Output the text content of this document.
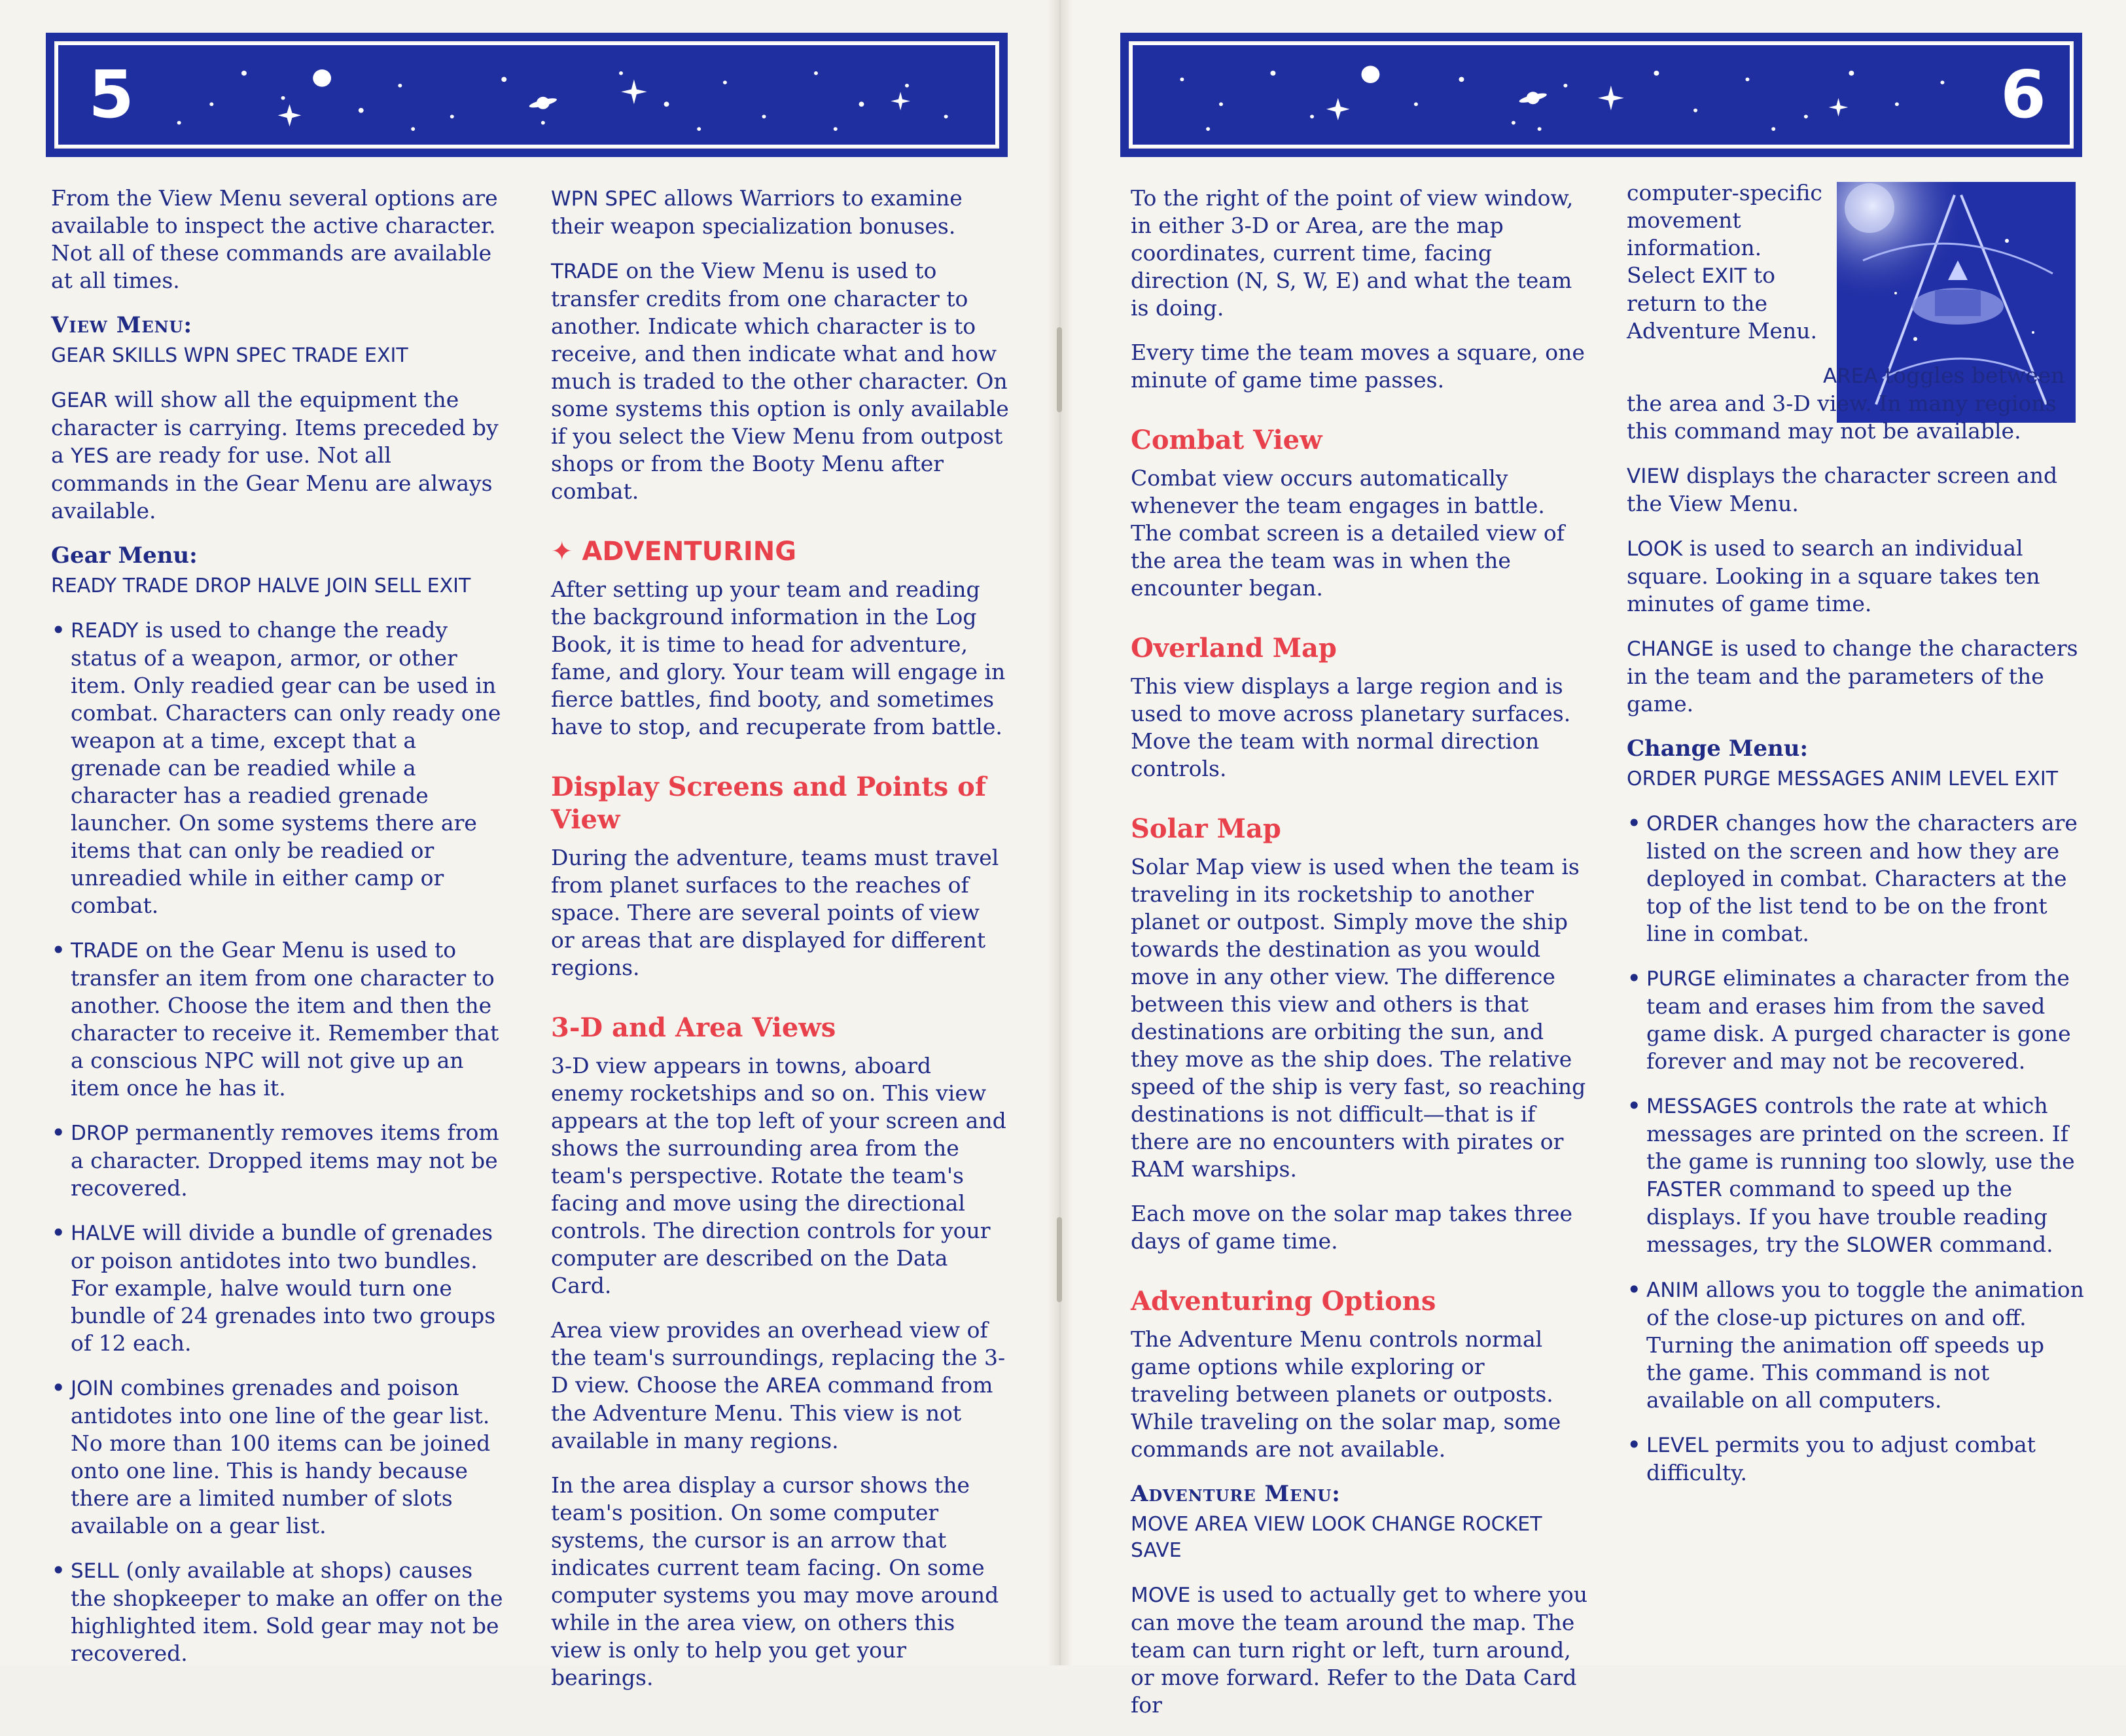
5	6

From the View Menu several options are available to inspect the active character. Not all of these commands are available at all times.

View Menu:
GEAR SKILLS WPN SPEC TRADE EXIT

GEAR will show all the equipment the character is carrying. Items preceded by a YES are ready for use. Not all commands in the Gear Menu are always available.

Gear Menu:
READY TRADE DROP HALVE JOIN SELL EXIT
• READY is used to change the ready status of a weapon, armor, or other item. Only readied gear can be used in combat. Characters can only ready one weapon at a time, except that a grenade can be readied while a character has a readied grenade launcher. On some systems there are items that can only be readied or unreadied while in either camp or combat.
• TRADE on the Gear Menu is used to transfer an item from one character to another. Choose the item and then the character to receive it. Remember that a conscious NPC will not give up an item once he has it.
• DROP permanently removes items from a character. Dropped items may not be recovered.
• HALVE will divide a bundle of grenades or poison antidotes into two bundles. For example, halve would turn one bundle of 24 grenades into two groups of 12 each.
• JOIN combines grenades and poison antidotes into one line of the gear list. No more than 100 items can be joined onto one line. This is handy because there are a limited number of slots available on a gear list.
• SELL (only available at shops) causes the shopkeeper to make an offer on the highlighted item. Sold gear may not be recovered.

WPN SPEC allows Warriors to examine their weapon specialization bonuses.

TRADE on the View Menu is used to transfer credits from one character to another. Indicate which character is to receive, and then indicate what and how much is traded to the other character. On some systems this option is only available if you select the View Menu from outpost shops or from the Booty Menu after combat.

✦ ADVENTURING

After setting up your team and reading the background information in the Log Book, it is time to head for adventure, fame, and glory. Your team will engage in fierce battles, find booty, and sometimes have to stop, and recuperate from battle.

Display Screens and Points of View

During the adventure, teams must travel from planet surfaces to the reaches of space. There are several points of view or areas that are displayed for different regions.

3-D and Area Views

3-D view appears in towns, aboard enemy rocketships and so on. This view appears at the top left of your screen and shows the surrounding area from the team's perspective. Rotate the team's facing and move using the directional controls. The direction controls for your computer are described on the Data Card.

Area view provides an overhead view of the team's surroundings, replacing the 3-D view. Choose the AREA command from the Adventure Menu. This view is not available in many regions.

In the area display a cursor shows the team's position. On some computer systems, the cursor is an arrow that indicates current team facing. On some computer systems you may move around while in the area view, on others this view is only to help you get your bearings.

To the right of the point of view window, in either 3-D or Area, are the map coordinates, current time, facing direction (N, S, W, E) and what the team is doing.

Every time the team moves a square, one minute of game time passes.

Combat View

Combat view occurs automatically whenever the team engages in battle. The combat screen is a detailed view of the area the team was in when the encounter began.

Overland Map

This view displays a large region and is used to move across planetary surfaces. Move the team with normal direction controls.

Solar Map

Solar Map view is used when the team is traveling in its rocketship to another planet or outpost. Simply move the ship towards the destination as you would move in any other view. The difference between this view and others is that destinations are orbiting the sun, and they move as the ship does. The relative speed of the ship is very fast, so reaching destinations is not difficult—that is if there are no encounters with pirates or RAM warships.

Each move on the solar map takes three days of game time.

Adventuring Options

The Adventure Menu controls normal game options while exploring or traveling between planets or outposts. While traveling on the solar map, some commands are not available.

Adventure Menu:
MOVE AREA VIEW LOOK CHANGE ROCKET SAVE

MOVE is used to actually get to where you can move the team around the map. The team can turn right or left, turn around, or move forward. Refer to the Data Card for

computer-specific movement information. Select EXIT to return to the Adventure Menu.

AREA toggles between the area and 3-D view. In many regions this command may not be available.

VIEW displays the character screen and the View Menu.

LOOK is used to search an individual square. Looking in a square takes ten minutes of game time.

CHANGE is used to change the characters in the team and the parameters of the game.

Change Menu:
ORDER PURGE MESSAGES ANIM LEVEL EXIT
• ORDER changes how the characters are listed on the screen and how they are deployed in combat. Characters at the top of the list tend to be on the front line in combat.
• PURGE eliminates a character from the team and erases him from the saved game disk. A purged character is gone forever and may not be recovered.
• MESSAGES controls the rate at which messages are printed on the screen. If the game is running too slowly, use the FASTER command to speed up the displays. If you have trouble reading messages, try the SLOWER command.
• ANIM allows you to toggle the animation of the close-up pictures on and off. Turning the animation off speeds up the game. This command is not available on all computers.
• LEVEL permits you to adjust combat difficulty.
